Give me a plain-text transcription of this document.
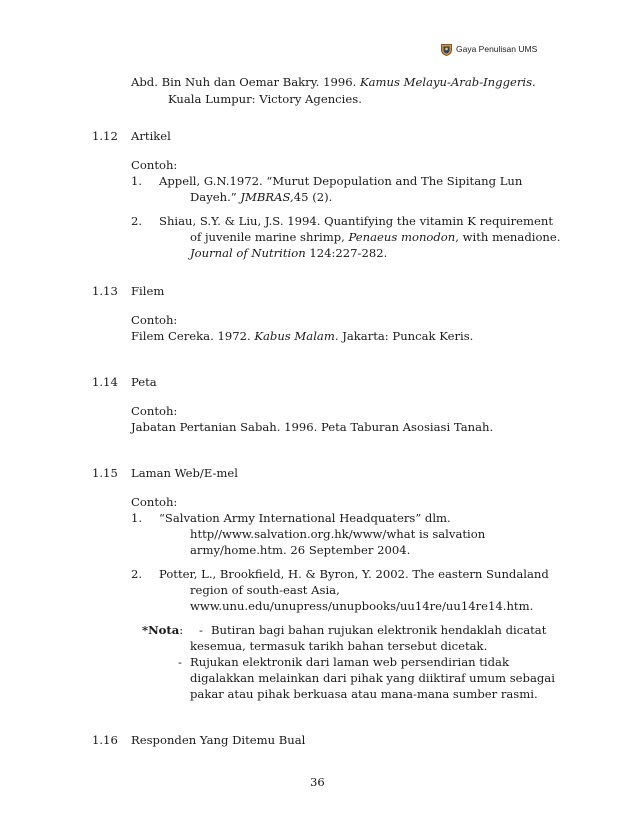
Gaya Penulisan UMS
Abd. Bin Nuh dan Oemar Bakry. 1996. Kamus Melayu-Arab-Inggeris.
Kuala Lumpur: Victory Agencies.
1.12 Artikel
Contoh:
1. Appell, G.N.1972. “Murut Depopulation and The Sipitang Lun
Dayeh.” JMBRAS,45 (2).
2. Shiau, S.Y. & Liu, J.S. 1994. Quantifying the vitamin K requirement
of juvenile marine shrimp, Penaeus monodon, with menadione.
Journal of Nutrition 124:227-282.
1.13 Filem
Contoh:
Filem Cereka. 1972. Kabus Malam. Jakarta: Puncak Keris.
1.14 Peta
Contoh:
Jabatan Pertanian Sabah. 1996. Peta Taburan Asosiasi Tanah.
1.15 Laman Web/E-mel
Contoh:
1. “Salvation Army International Headquaters” dlm.
http//www.salvation.org.hk/www/what is salvation
army/home.htm. 26 September 2004.
2. Potter, L., Brookfield, H. & Byron, Y. 2002. The eastern Sundaland
region of south-east Asia,
www.unu.edu/unupress/unupbooks/uu14re/uu14re14.htm.
*Nota: - Butiran bagi bahan rujukan elektronik hendaklah dicatat
kesemua, termasuk tarikh bahan tersebut dicetak.
- Rujukan elektronik dari laman web persendirian tidak
digalakkan melainkan dari pihak yang diiktiraf umum sebagai
pakar atau pihak berkuasa atau mana-mana sumber rasmi.
1.16 Responden Yang Ditemu Bual
36
